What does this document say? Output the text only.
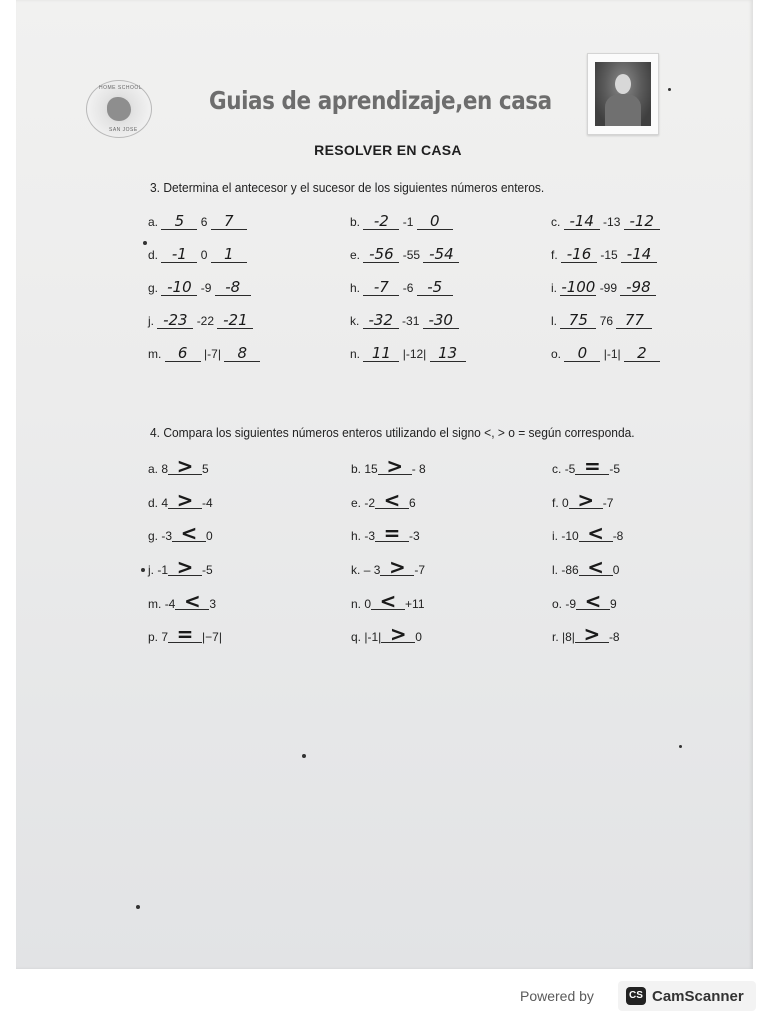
HOME SCHOOL
SAN JOSE
Guias de aprendizaje,en casa
RESOLVER EN CASA
3. Determina el antecesor y el sucesor de los siguientes números enteros.
a. 5 6 7	b. -2 -1 0	c. -14 -13 -12
d. -1 0 1	e. -56 -55 -54	f. -16 -15 -14
g. -10 -9 -8	h. -7 -6 -5	i. -100 -99 -98
j. -23 -22 -21	k. -32 -31 -30	l. 75 76 77
m. 6 |-7| 8	n. 11 |-12| 13	o. 0 |-1| 2
4. Compara los siguientes números enteros utilizando el signo <, > o = según corresponda.
a. 8 > 5	b. 15 > - 8	c. -5 = -5
d. 4 > -4	e. -2 < 6	f. 0 > -7
g. -3 < 0	h. -3 = -3	i. -10 < -8
j. -1 > -5	k. – 3 > -7	l. -86 < 0
m. -4 < 3	n. 0 < +11	o. -9 < 9
p. 7 = |−7|	q. |-1| > 0	r. |8| > -8
Powered by	CS CamScanner
